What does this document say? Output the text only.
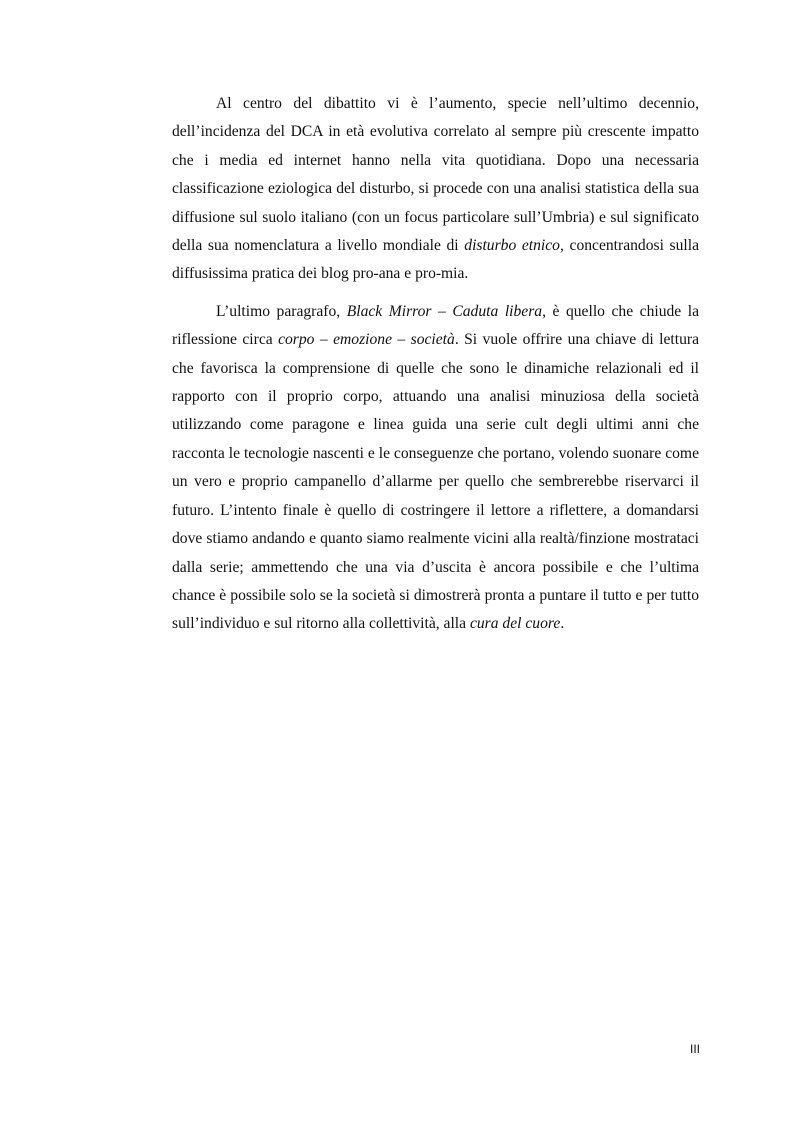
Al centro del dibattito vi è l’aumento, specie nell’ultimo decennio, dell’incidenza del DCA in età evolutiva correlato al sempre più crescente impatto che i media ed internet hanno nella vita quotidiana. Dopo una necessaria classificazione eziologica del disturbo, si procede con una analisi statistica della sua diffusione sul suolo italiano (con un focus particolare sull’Umbria) e sul significato della sua nomenclatura a livello mondiale di disturbo etnico, concentrandosi sulla diffusissima pratica dei blog pro-ana e pro-mia.

L’ultimo paragrafo, Black Mirror – Caduta libera, è quello che chiude la riflessione circa corpo – emozione – società. Si vuole offrire una chiave di lettura che favorisca la comprensione di quelle che sono le dinamiche relazionali ed il rapporto con il proprio corpo, attuando una analisi minuziosa della società utilizzando come paragone e linea guida una serie cult degli ultimi anni che racconta le tecnologie nascenti e le conseguenze che portano, volendo suonare come un vero e proprio campanello d’allarme per quello che sembrerebbe riservarci il futuro. L’intento finale è quello di costringere il lettore a riflettere, a domandarsi dove stiamo andando e quanto siamo realmente vicini alla realtà/finzione mostrataci dalla serie; ammettendo che una via d’uscita è ancora possibile e che l’ultima chance è possibile solo se la società si dimostrerà pronta a puntare il tutto e per tutto sull’individuo e sul ritorno alla collettività, alla cura del cuore.

III
